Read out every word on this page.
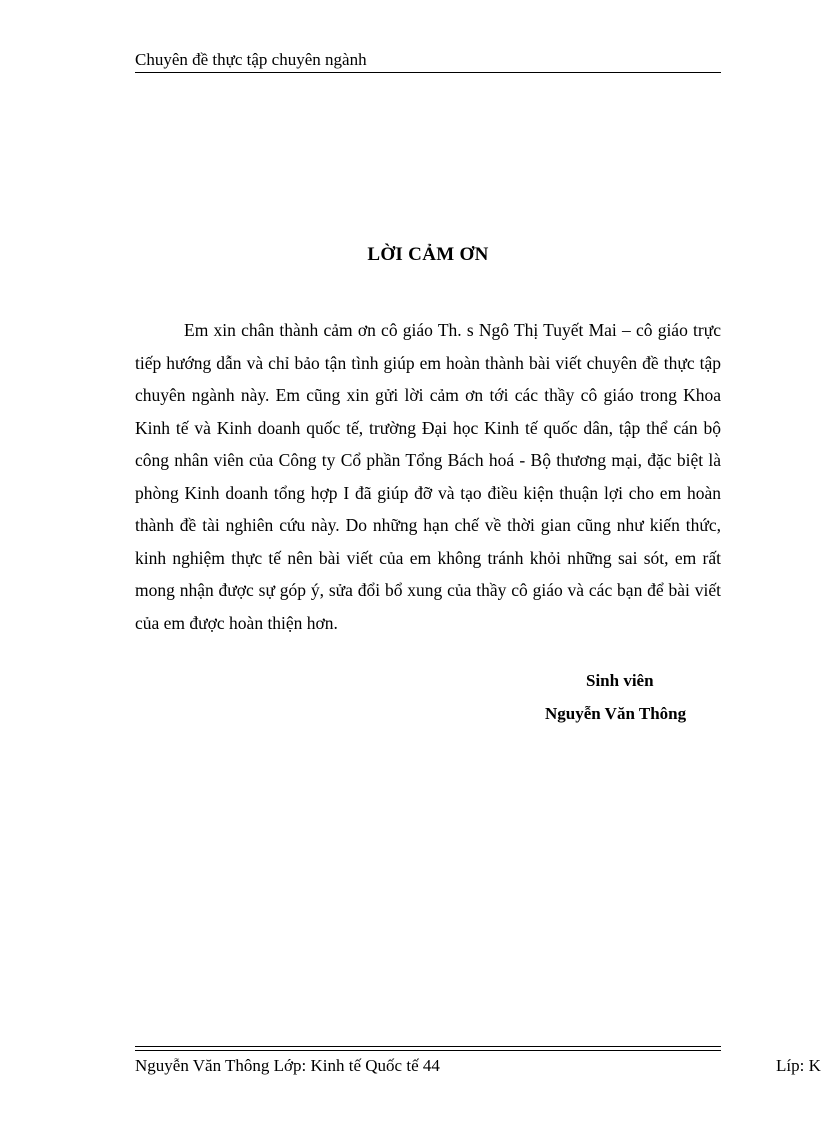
Chuyên đề thực tập chuyên ngành
LỜI CẢM ƠN

Em xin chân thành cảm ơn cô giáo Th. s Ngô Thị Tuyết Mai – cô giáo trực tiếp hướng dẫn và chỉ bảo tận tình giúp em hoàn thành bài viết chuyên đề thực tập chuyên ngành này. Em cũng xin gửi lời cảm ơn tới các thầy cô giáo trong Khoa Kinh tế và Kinh doanh quốc tế, trường Đại học Kinh tế quốc dân, tập thể cán bộ công nhân viên của Công ty Cổ phần Tổng Bách hoá - Bộ thương mại, đặc biệt là phòng Kinh doanh tổng hợp I đã giúp đỡ và tạo điều kiện thuận lợi cho em hoàn thành đề tài nghiên cứu này. Do những hạn chế về thời gian cũng như kiến thức, kinh nghiệm thực tế nên bài viết của em không tránh khỏi những sai sót, em rất mong nhận được sự góp ý, sửa đổi bổ xung của thầy cô giáo và các bạn để bài viết của em được hoàn thiện hơn.

Sinh viên
Nguyễn Văn Thông
Nguyễn Văn Thông Lớp: Kinh tế Quốc tế 44	Líp: K
